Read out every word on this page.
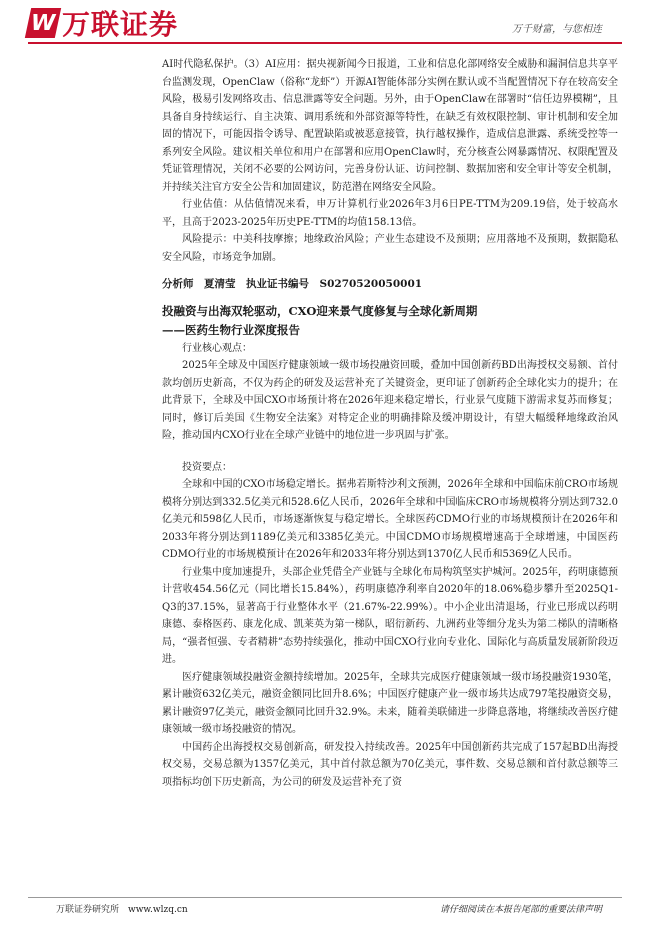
W 万联证券	万千财富，与您相连

AI时代隐私保护。（3）AI应用：据央视新闻今日报道，工业和信息化部网络安全威胁和漏洞信息共享平台监测发现，OpenClaw（俗称“龙虾”）开源AI智能体部分实例在默认或不当配置情况下存在较高安全风险，极易引发网络攻击、信息泄露等安全问题。另外，由于OpenClaw在部署时“信任边界模糊”，且具备自身持续运行、自主决策、调用系统和外部资源等特性，在缺乏有效权限控制、审计机制和安全加固的情况下，可能因指令诱导、配置缺陷或被恶意接管，执行越权操作，造成信息泄露、系统受控等一系列安全风险。建议相关单位和用户在部署和应用OpenClaw时，充分核查公网暴露情况、权限配置及凭证管理情况，关闭不必要的公网访问，完善身份认证、访问控制、数据加密和安全审计等安全机制，并持续关注官方安全公告和加固建议，防范潜在网络安全风险。

行业估值：从估值情况来看，申万计算机行业2026年3月6日PE-TTM为209.19倍，处于较高水平，且高于2023-2025年历史PE-TTM的均值158.13倍。

风险提示：中美科技摩擦；地缘政治风险；产业生态建设不及预期；应用落地不及预期，数据隐私安全风险，市场竞争加剧。

分析师　夏清莹　执业证书编号　S0270520050001

投融资与出海双轮驱动，CXO迎来景气度修复与全球化新周期

——医药生物行业深度报告

行业核心观点：

2025年全球及中国医疗健康领域一级市场投融资回暖，叠加中国创新药BD出海授权交易额、首付款均创历史新高，不仅为药企的研发及运营补充了关键资金，更印证了创新药企全球化实力的提升；在此背景下，全球及中国CXO市场预计将在2026年迎来稳定增长，行业景气度随下游需求复苏而修复；同时，修订后美国《生物安全法案》对特定企业的明确排除及缓冲期设计，有望大幅缓释地缘政治风险，推动国内CXO行业在全球产业链中的地位进一步巩固与扩张。

投资要点：

全球和中国的CXO市场稳定增长。据弗若斯特沙利文预测，2026年全球和中国临床前CRO市场规模将分别达到332.5亿美元和528.6亿人民币，2026年全球和中国临床CRO市场规模将分别达到732.0亿美元和598亿人民币，市场逐渐恢复与稳定增长。全球医药CDMO行业的市场规模预计在2026年和2033年将分别达到1189亿美元和3385亿美元。中国CDMO市场规模增速高于全球增速，中国医药CDMO行业的市场规模预计在2026年和2033年将分别达到1370亿人民币和5369亿人民币。

行业集中度加速提升，头部企业凭借全产业链与全球化布局构筑坚实护城河。2025年，药明康德预计营收454.56亿元（同比增长15.84%），药明康德净利率自2020年的18.06%稳步攀升至2025Q1-Q3的37.15%，显著高于行业整体水平（21.67%-22.99%）。中小企业出清退场，行业已形成以药明康德、泰格医药、康龙化成、凯莱英为第一梯队，昭衍新药、九洲药业等细分龙头为第二梯队的清晰格局，“强者恒强、专者精耕”态势持续强化，推动中国CXO行业向专业化、国际化与高质量发展新阶段迈进。

医疗健康领域投融资金额持续增加。2025年，全球共完成医疗健康领域一级市场投融资1930笔，累计融资632亿美元，融资金额同比回升8.6%；中国医疗健康产业一级市场共达成797笔投融资交易，累计融资97亿美元，融资金额同比回升32.9%。未来，随着美联储进一步降息落地，将继续改善医疗健康领域一级市场投融资的情况。

中国药企出海授权交易创新高，研发投入持续改善。2025年中国创新药共完成了157起BD出海授权交易，交易总额为1357亿美元，其中首付款总额为70亿美元，事件数、交易总额和首付款总额等三项指标均创下历史新高，为公司的研发及运营补充了资

万联证券研究所　www.wlzq.cn	请仔细阅读在本报告尾部的重要法律声明
